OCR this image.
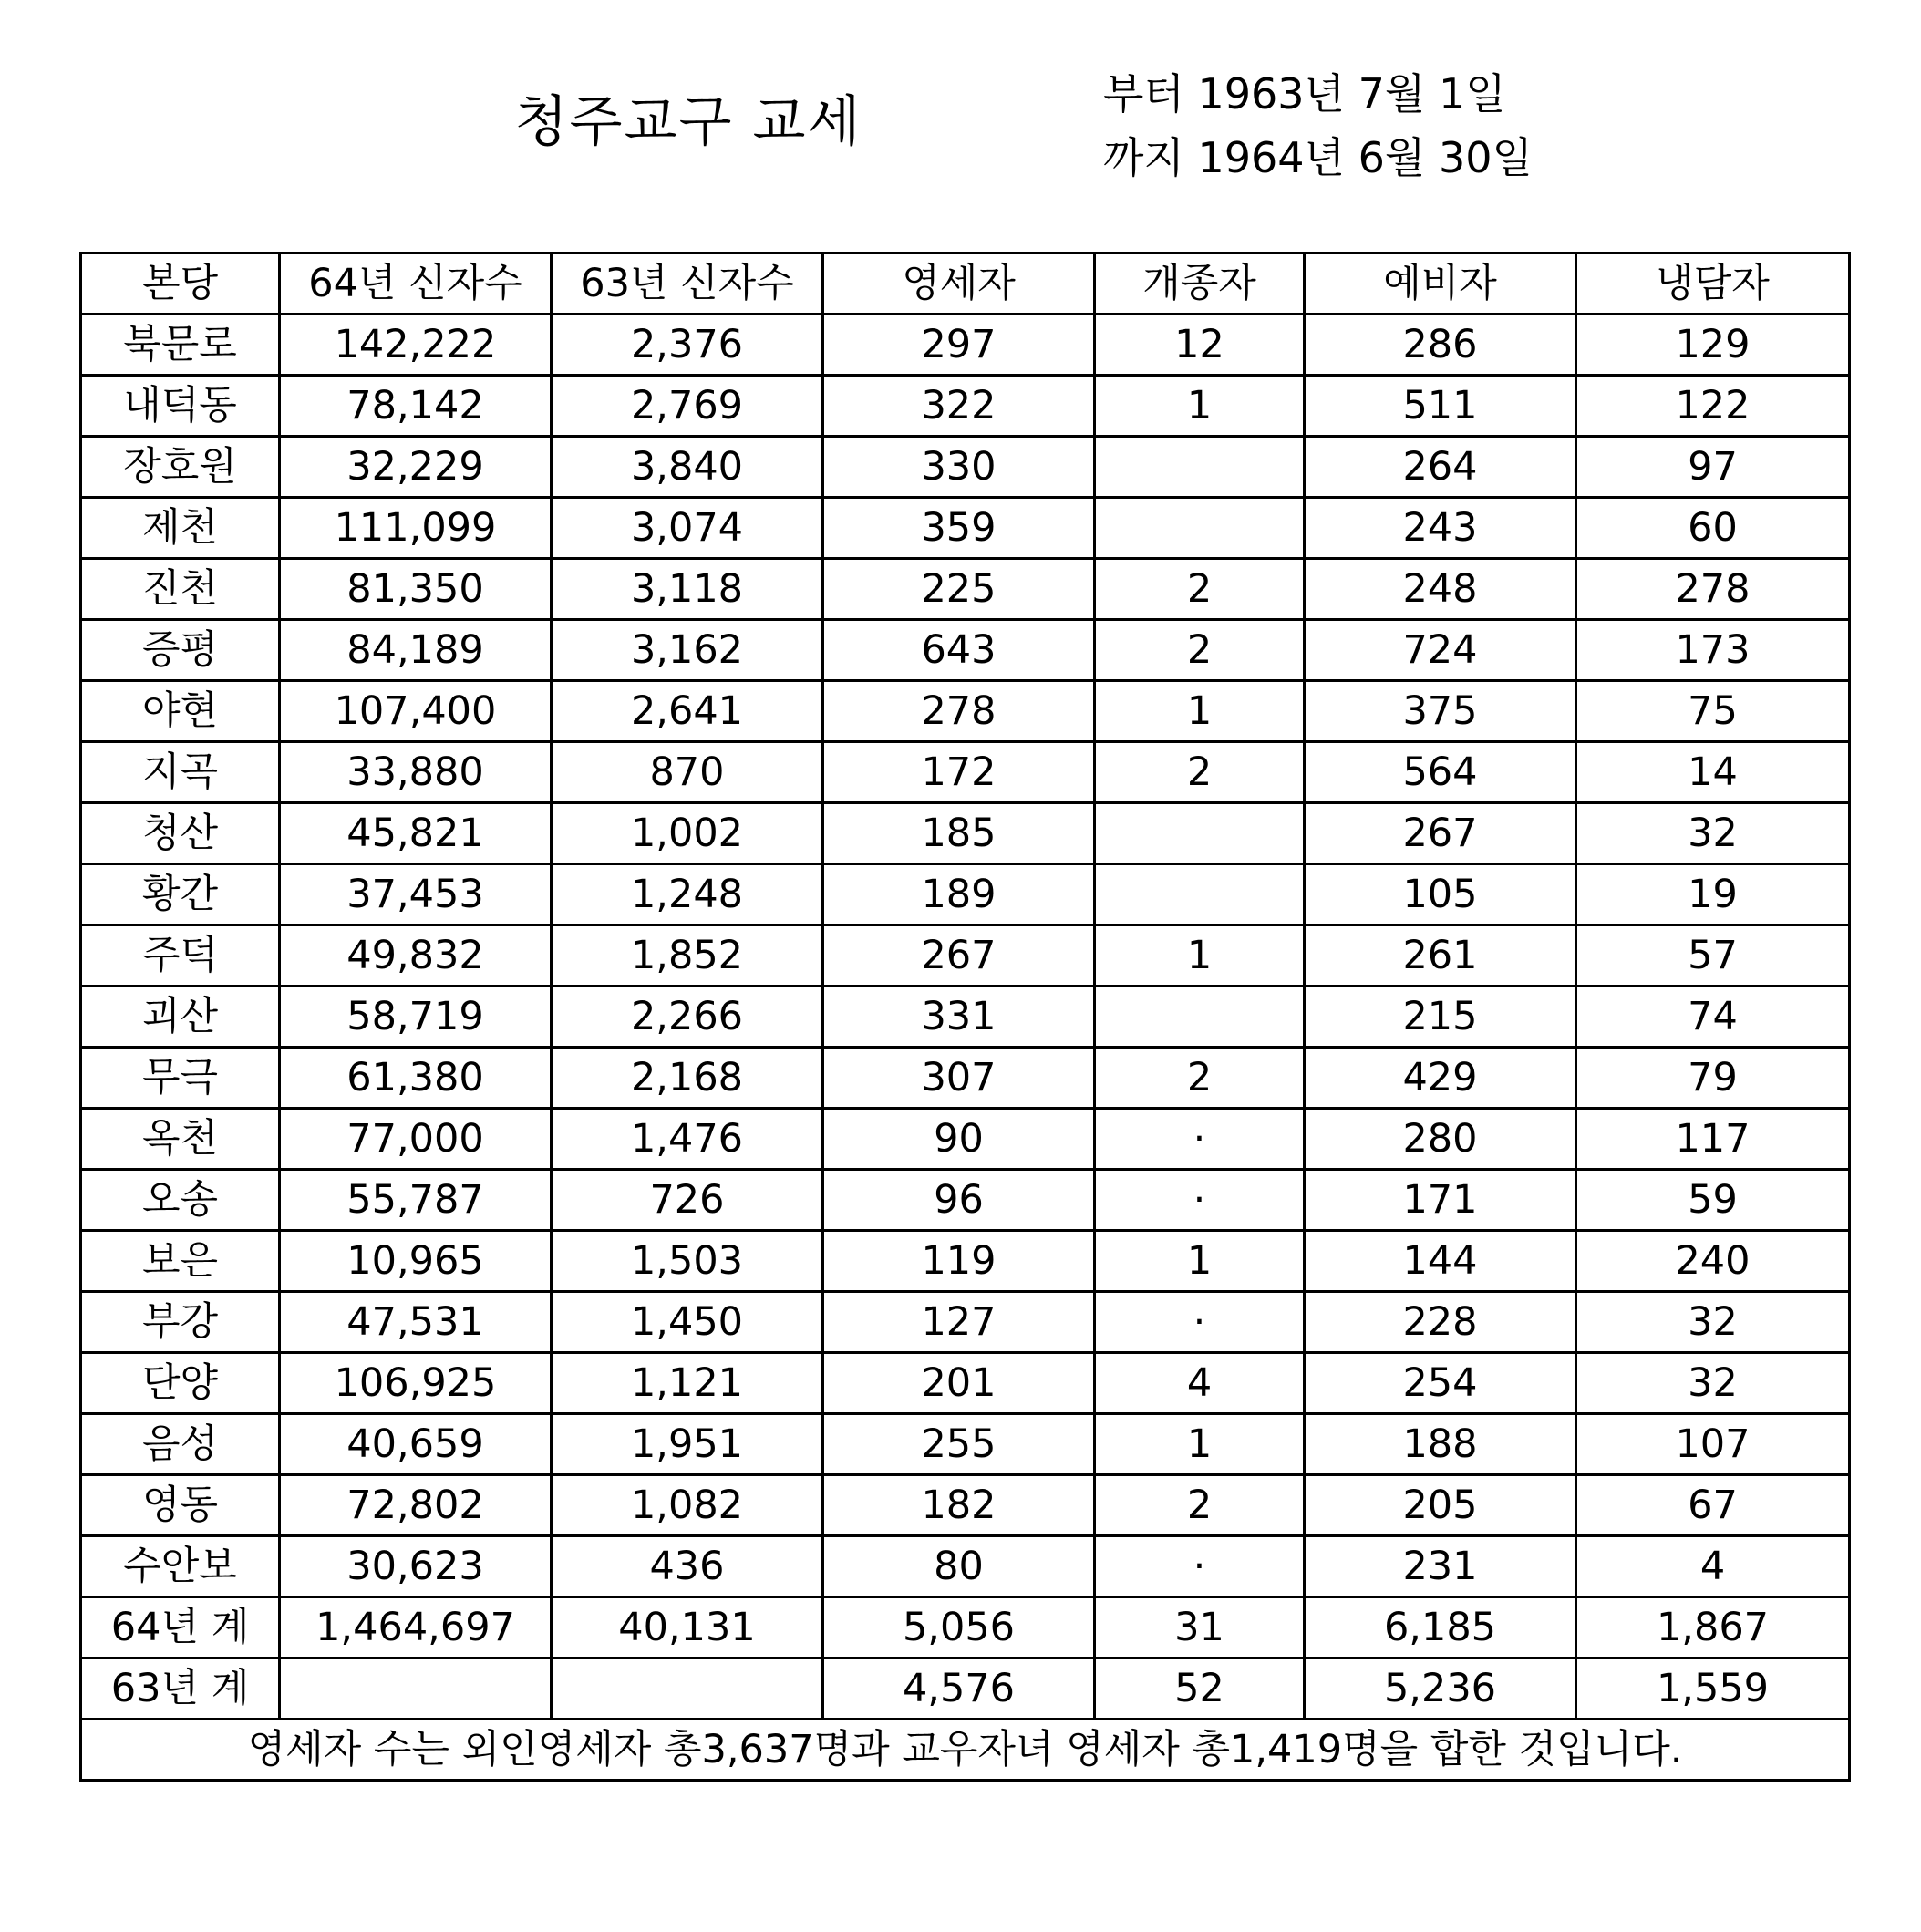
청주교구 교세	부터 1963년 7월 1일
까지 1964년 6월 30일
본당	64년 신자수	63년 신자수	영세자	개종자	예비자	냉담자
북문로	142,222	2,376	297	12	286	129
내덕동	78,142	2,769	322	1	511	122
장호원	32,229	3,840	330		264	97
제천	111,099	3,074	359		243	60
진천	81,350	3,118	225	2	248	278
증평	84,189	3,162	643	2	724	173
야현	107,400	2,641	278	1	375	75
지곡	33,880	870	172	2	564	14
청산	45,821	1,002	185		267	32
황간	37,453	1,248	189		105	19
주덕	49,832	1,852	267	1	261	57
괴산	58,719	2,266	331		215	74
무극	61,380	2,168	307	2	429	79
옥천	77,000	1,476	90	·	280	117
오송	55,787	726	96	·	171	59
보은	10,965	1,503	119	1	144	240
부강	47,531	1,450	127	·	228	32
단양	106,925	1,121	201	4	254	32
음성	40,659	1,951	255	1	188	107
영동	72,802	1,082	182	2	205	67
수안보	30,623	436	80	·	231	4
64년 계	1,464,697	40,131	5,056	31	6,185	1,867
63년 계			4,576	52	5,236	1,559
영세자 수는 외인영세자 총3,637명과 교우자녀 영세자 총1,419명을 합한 것입니다.						
